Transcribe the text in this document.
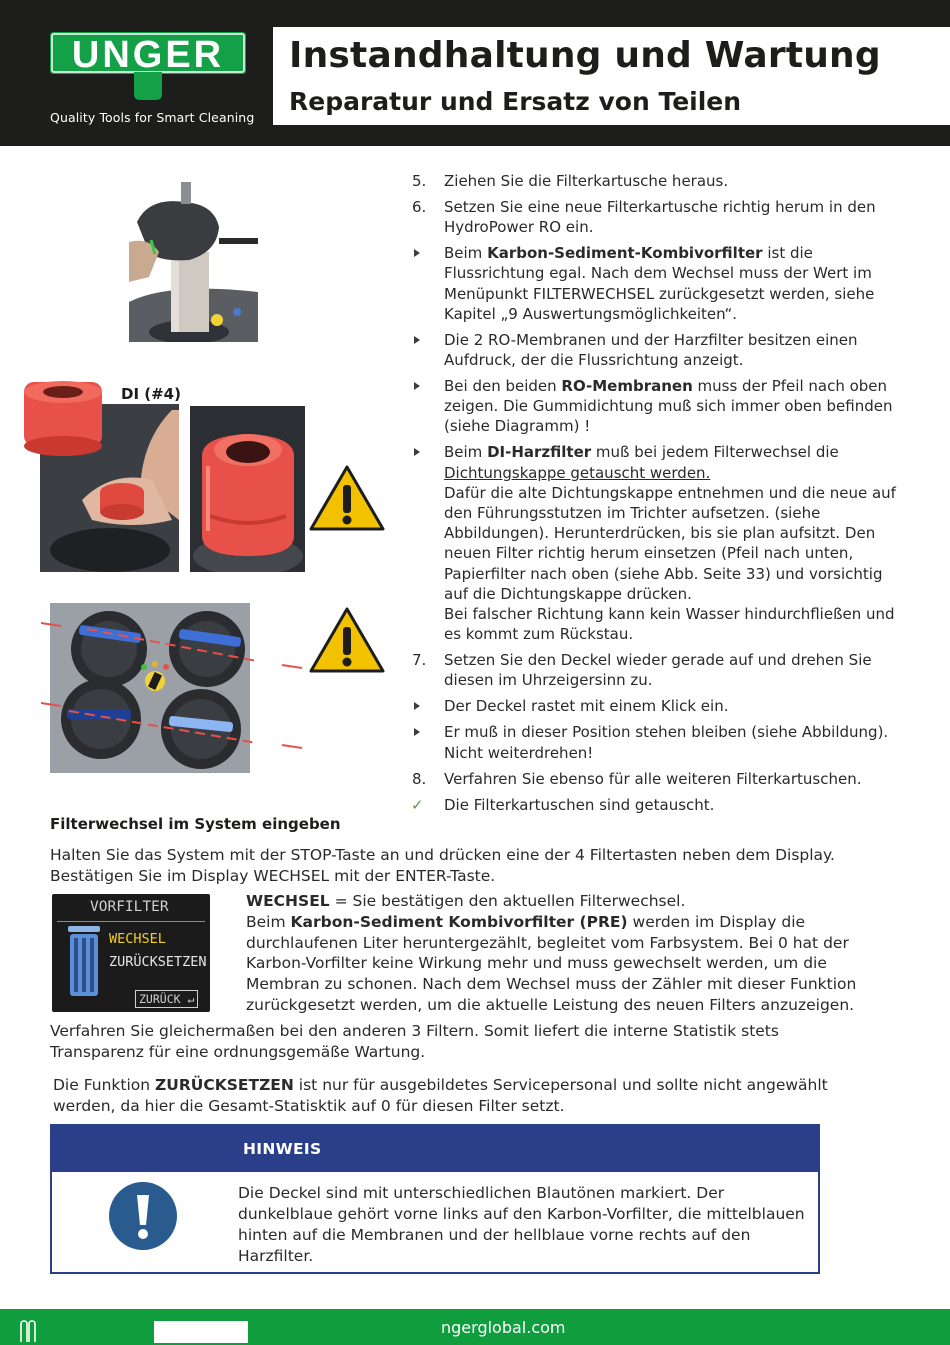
UNGER
Quality Tools for Smart Cleaning
Instandhaltung und Wartung
Reparatur und Ersatz von Teilen
DI (#4)
5.	Ziehen Sie die Filterkartusche heraus.
6.	Setzen Sie eine neue Filterkartusche richtig herum in den HydroPower RO ein.
Beim Karbon-Sediment-Kombivorfilter ist die Flussrichtung egal. Nach dem Wechsel muss der Wert im Menüpunkt FILTERWECHSEL zurückgesetzt werden, siehe Kapitel „9 Auswertungsmöglichkeiten“.
Die 2 RO-Membranen und der Harzfilter besitzen einen Aufdruck, der die Flussrichtung anzeigt.
Bei den beiden RO-Membranen muss der Pfeil nach oben zeigen. Die Gummidichtung muß sich immer oben befinden (siehe Diagramm) !
Beim DI-Harzfilter muß bei jedem Filterwechsel die Dichtungskappe getauscht werden.
Dafür die alte Dichtungskappe entnehmen und die neue auf den Führungsstutzen im Trichter aufsetzen. (siehe Abbildungen). Herunterdrücken, bis sie plan aufsitzt. Den neuen Filter richtig herum einsetzen (Pfeil nach unten, Papierfilter nach oben (siehe Abb. Seite 33) und vorsichtig auf die Dichtungskappe drücken.
Bei falscher Richtung kann kein Wasser hindurchfließen und es kommt zum Rückstau.
7.	Setzen Sie den Deckel wieder gerade auf und drehen Sie diesen im Uhrzeigersinn zu.
Der Deckel rastet mit einem Klick ein.
Er muß in dieser Position stehen bleiben (siehe Abbildung). Nicht weiterdrehen!
8.	Verfahren Sie ebenso für alle weiteren Filterkartuschen.
✓	Die Filterkartuschen sind getauscht.
Filterwechsel im System eingeben
Halten Sie das System mit der STOP-Taste an und drücken eine der 4 Filtertasten neben dem Display. Bestätigen Sie im Display WECHSEL mit der ENTER-Taste.
VORFILTER
WECHSEL
ZURÜCKSETZEN
ZURÜCK ↵
WECHSEL = Sie bestätigen den aktuellen Filterwechsel.
Beim Karbon-Sediment Kombivorfilter (PRE) werden im Display die durchlaufenen Liter heruntergezählt, begleitet vom Farbsystem. Bei 0 hat der Karbon-Vorfilter keine Wirkung mehr und muss gewechselt werden, um die Membran zu schonen. Nach dem Wechsel muss der Zähler mit dieser Funktion zurückgesetzt werden, um die aktuelle Leistung des neuen Filters anzuzeigen.
Verfahren Sie gleichermaßen bei den anderen 3 Filtern. Somit liefert die interne Statistik stets Transparenz für eine ordnungsgemäße Wartung.
Die Funktion ZURÜCKSETZEN ist nur für ausgebildetes Servicepersonal und sollte nicht angewählt werden, da hier die Gesamt-Statisktik auf 0 für diesen Filter setzt.
HINWEIS
Die Deckel sind mit unterschiedlichen Blautönen markiert. Der dunkelblaue gehört vorne links auf den Karbon-Vorfilter, die mittelblauen hinten auf die Membranen und der hellblaue vorne rechts auf den Harzfilter.
ngerglobal.com
